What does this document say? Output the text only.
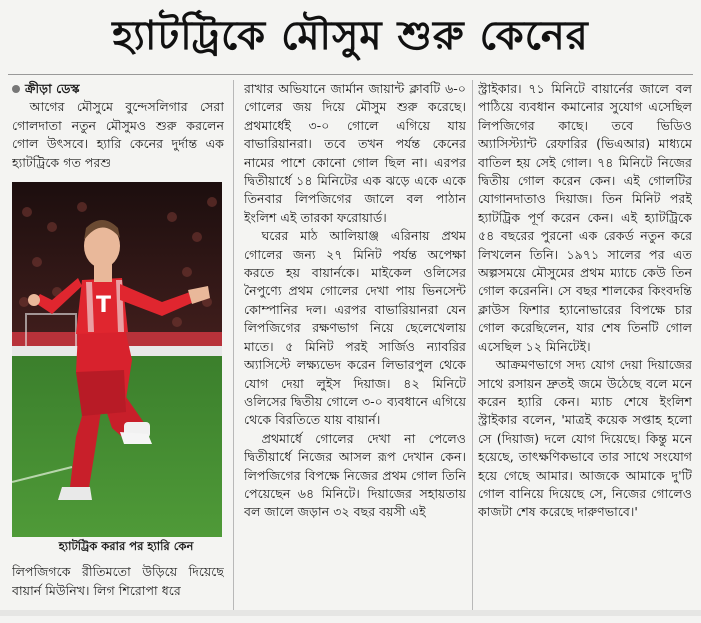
হ্যাটট্রিকে মৌসুম শুরু কেনের

ক্রীড়া ডেস্ক

আগের মৌসুমে বুন্দেসলিগার সেরা গোলদাতা নতুন মৌসুমও শুরু করলেন গোল উৎসবে। হ্যারি কেনের দুর্দান্ত এক হ্যাটট্রিকে গত পরশু

T

হ্যাটট্রিক করার পর হ্যারি কেন

লিপজিগকে রীতিমতো উড়িয়ে দিয়েছে বায়ার্ন মিউনিখ। লিগ শিরোপা ধরে

রাখার অভিযানে জার্মান জায়ান্ট ক্লাবটি ৬-০ গোলের জয় দিয়ে মৌসুম শুরু করেছে। প্রথমার্ধেই ৩-০ গোলে এগিয়ে যায় বাভারিয়ানরা। তবে তখন পর্যন্ত কেনের নামের পাশে কোনো গোল ছিল না। এরপর দ্বিতীয়ার্ধে ১৪ মিনিটের এক ঝড়ে একে একে তিনবার লিপজিগের জালে বল পাঠান ইংলিশ এই তারকা ফরোয়ার্ড।

ঘরের মাঠ আলিয়াঞ্জ এরিনায় প্রথম গোলের জন্য ২৭ মিনিট পর্যন্ত অপেক্ষা করতে হয় বায়ার্নকে। মাইকেল ওলিসের নৈপুণ্যে প্রথম গোলের দেখা পায় ভিনসেন্ট কোম্পানির দল। এরপর বাভারিয়ানরা যেন লিপজিগের রক্ষণভাগ নিয়ে ছেলেখেলায় মাতে। ৫ মিনিট পরই সার্জিও ন্যাবরির অ্যাসিস্টে লক্ষ্যভেদ করেন লিভারপুল থেকে যোগ দেয়া লুইস দিয়াজ। ৪২ মিনিটে ওলিসের দ্বিতীয় গোলে ৩-০ ব্যবধানে এগিয়ে থেকে বিরতিতে যায় বায়ার্ন।

প্রথমার্ধে গোলের দেখা না পেলেও দ্বিতীয়ার্ধে নিজের আসল রূপ দেখান কেন। লিপজিগের বিপক্ষে নিজের প্রথম গোল তিনি পেয়েছেন ৬৪ মিনিটে। দিয়াজের সহায়তায় বল জালে জড়ান ৩২ বছর বয়সী এই

স্ট্রাইকার। ৭১ মিনিটে বায়ার্নের জালে বল পাঠিয়ে ব্যবধান কমানোর সুযোগ এসেছিল লিপজিগের কাছে। তবে ভিডিও অ্যাসিস্ট্যান্ট রেফারির (ভিএআর) মাধ্যমে বাতিল হয় সেই গোল। ৭৪ মিনিটে নিজের দ্বিতীয় গোল করেন কেন। এই গোলটির যোগানদাতাও দিয়াজ। তিন মিনিট পরই হ্যাটট্রিক পূর্ণ করেন কেন। এই হ্যাটট্রিকে ৫৪ বছরের পুরনো এক রেকর্ড নতুন করে লিখলেন তিনি। ১৯৭১ সালের পর এত অল্পসময়ে মৌসুমের প্রথম ম্যাচে কেউ তিন গোল করেননি। সে বছর শালকের কিংবদন্তি ক্লাউস ফিশার হ্যানোভারের বিপক্ষে চার গোল করেছিলেন, যার শেষ তিনটি গোল এসেছিল ১২ মিনিটেই।

আক্রমণভাগে সদ্য যোগ দেয়া দিয়াজের সাথে রসায়ন দ্রুতই জমে উঠেছে বলে মনে করেন হ্যারি কেন। ম্যাচ শেষে ইংলিশ স্ট্রাইকার বলেন, 'মাত্রই কয়েক সপ্তাহ হলো সে (দিয়াজ) দলে যোগ দিয়েছে। কিন্তু মনে হয়েছে, তাৎক্ষণিকভাবে তার সাথে সংযোগ হয়ে গেছে আমার। আজকে আমাকে দু'টি গোল বানিয়ে দিয়েছে সে, নিজের গোলেও কাজটা শেষ করেছে দারুণভাবে।'
